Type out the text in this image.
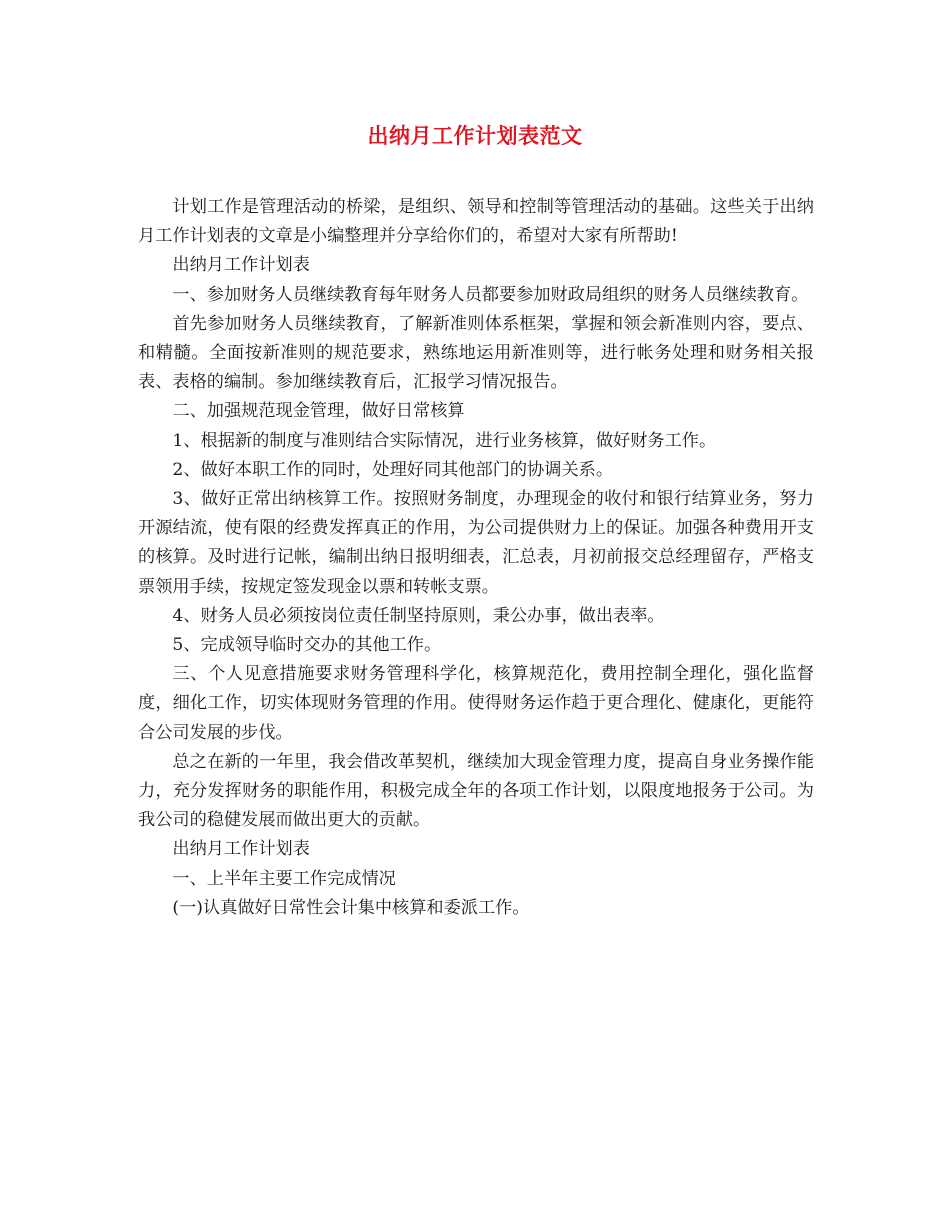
出纳月工作计划表范文

计划工作是管理活动的桥梁，是组织、领导和控制等管理活动的基础。这些关于出纳月工作计划表的文章是小编整理并分享给你们的，希望对大家有所帮助!

出纳月工作计划表

一、参加财务人员继续教育每年财务人员都要参加财政局组织的财务人员继续教育。

首先参加财务人员继续教育，了解新准则体系框架，掌握和领会新准则内容，要点、和精髓。全面按新准则的规范要求，熟练地运用新准则等，进行帐务处理和财务相关报表、表格的编制。参加继续教育后，汇报学习情况报告。

二、加强规范现金管理，做好日常核算

1、根据新的制度与准则结合实际情况，进行业务核算，做好财务工作。

2、做好本职工作的同时，处理好同其他部门的协调关系。

3、做好正常出纳核算工作。按照财务制度，办理现金的收付和银行结算业务，努力开源结流，使有限的经费发挥真正的作用，为公司提供财力上的保证。加强各种费用开支的核算。及时进行记帐，编制出纳日报明细表，汇总表，月初前报交总经理留存，严格支票领用手续，按规定签发现金以票和转帐支票。

4、财务人员必须按岗位责任制坚持原则，秉公办事，做出表率。

5、完成领导临时交办的其他工作。

三、个人见意措施要求财务管理科学化，核算规范化，费用控制全理化，强化监督度，细化工作，切实体现财务管理的作用。使得财务运作趋于更合理化、健康化，更能符合公司发展的步伐。

总之在新的一年里，我会借改革契机，继续加大现金管理力度，提高自身业务操作能力，充分发挥财务的职能作用，积极完成全年的各项工作计划，以限度地报务于公司。为我公司的稳健发展而做出更大的贡献。

出纳月工作计划表

一、上半年主要工作完成情况

(一)认真做好日常性会计集中核算和委派工作。
